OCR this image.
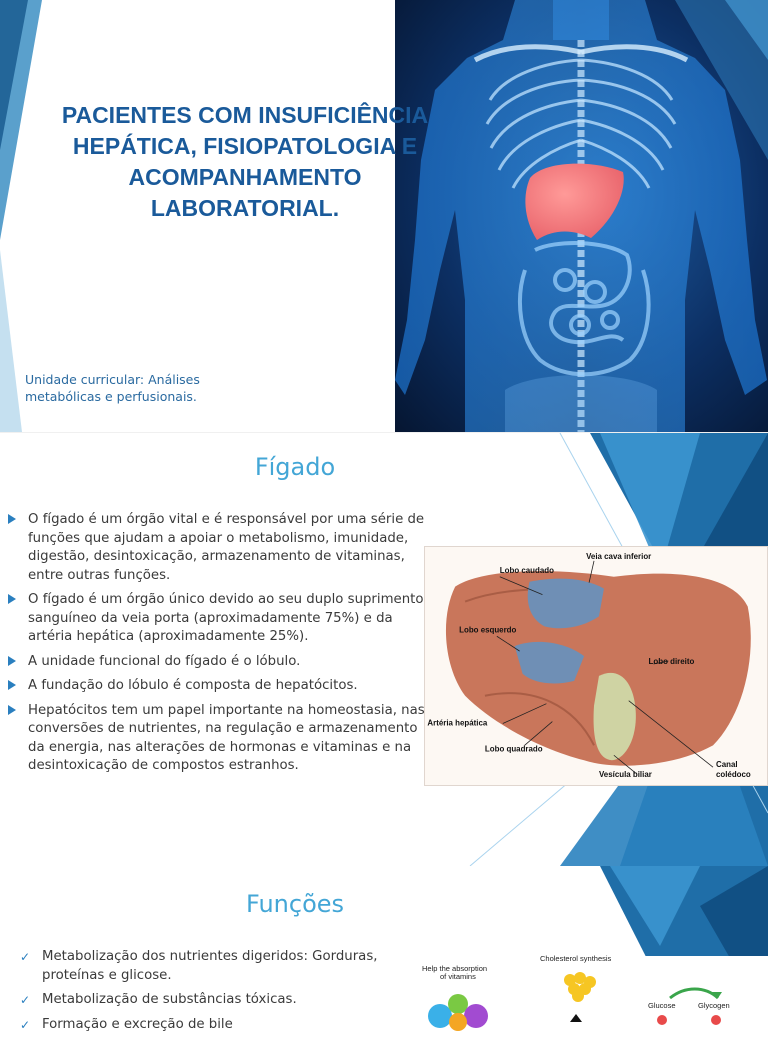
PACIENTES COM INSUFICIÊNCIA
HEPÁTICA, FISIOPATOLOGIA E
ACOMPANHAMENTO
LABORATORIAL.
Unidade curricular: Análises
metabólicas e perfusionais.
Fígado
O fígado é um órgão vital e é responsável por uma série de funções que ajudam a apoiar o metabolismo, imunidade, digestão, desintoxicação, armazenamento de vitaminas, entre outras funções.
O fígado é um órgão único devido ao seu duplo suprimento sanguíneo da veia porta (aproximadamente 75%) e da artéria hepática (aproximadamente 25%).
A unidade funcional do fígado é o lóbulo.
A fundação do lóbulo é composta de hepatócitos.
Hepatócitos tem um papel importante na homeostasia, nas conversões de nutrientes, na regulação e armazenamento da energia, nas alterações de hormonas e vitaminas e na desintoxicação de compostos estranhos.
Veia cava inferior
Lobo caudado
Lobo esquerdo
Lobo direito
Artéria hepática
Lobo quadrado
Vesícula biliar
Canal
colédoco
Funções
✓ Metabolização dos nutrientes digeridos: Gorduras, proteínas e glicose.
✓ Metabolização de substâncias tóxicas.
✓ Formação e excreção de bile
Help the absorption
of vitamins
Cholesterol synthesis
Glucose	Glycogen
